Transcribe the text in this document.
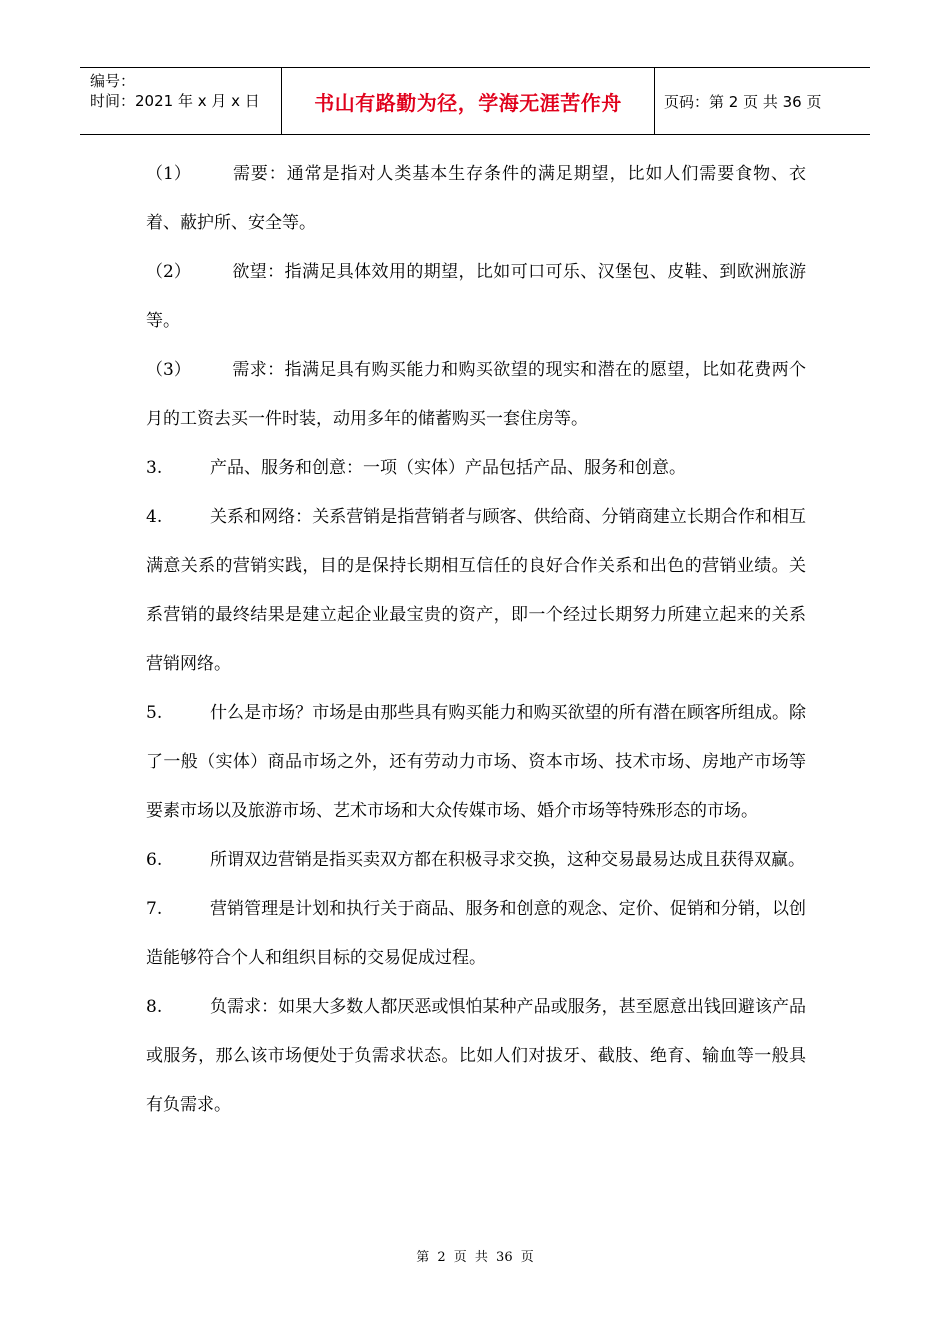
编号：
时间：2021 年 x 月 x 日	书山有路勤为径，学海无涯苦作舟	页码：第 2 页 共 36 页

（1） 需要：通常是指对人类基本生存条件的满足期望，比如人们需要食物、衣着、蔽护所、安全等。

（2） 欲望：指满足具体效用的期望，比如可口可乐、汉堡包、皮鞋、到欧洲旅游等。

（3） 需求：指满足具有购买能力和购买欲望的现实和潜在的愿望，比如花费两个月的工资去买一件时装，动用多年的储蓄购买一套住房等。

3.	产品、服务和创意：一项（实体）产品包括产品、服务和创意。

4.	关系和网络：关系营销是指营销者与顾客、供给商、分销商建立长期合作和相互满意关系的营销实践，目的是保持长期相互信任的良好合作关系和出色的营销业绩。关系营销的最终结果是建立起企业最宝贵的资产，即一个经过长期努力所建立起来的关系营销网络。

5.	什么是市场？市场是由那些具有购买能力和购买欲望的所有潜在顾客所组成。除了一般（实体）商品市场之外，还有劳动力市场、资本市场、技术市场、房地产市场等要素市场以及旅游市场、艺术市场和大众传媒市场、婚介市场等特殊形态的市场。

6.	所谓双边营销是指买卖双方都在积极寻求交换，这种交易最易达成且获得双赢。

7.	营销管理是计划和执行关于商品、服务和创意的观念、定价、促销和分销，以创造能够符合个人和组织目标的交易促成过程。

8.	负需求：如果大多数人都厌恶或惧怕某种产品或服务，甚至愿意出钱回避该产品或服务，那么该市场便处于负需求状态。比如人们对拔牙、截肢、绝育、输血等一般具有负需求。

第 2 页 共 36 页
